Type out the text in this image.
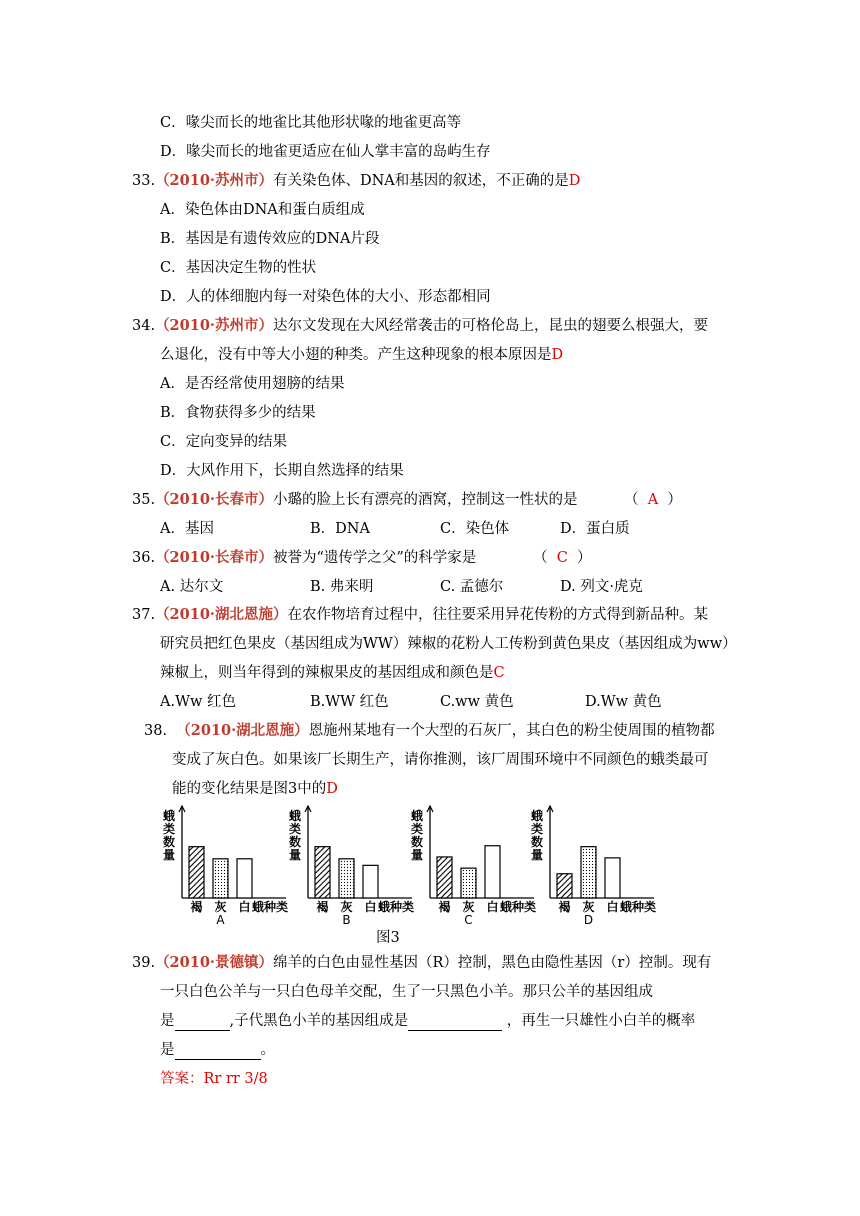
C．喙尖而长的地雀比其他形状喙的地雀更高等
D．喙尖而长的地雀更适应在仙人掌丰富的岛屿生存
33.（2010·苏州市）有关染色体、DNA和基因的叙述，不正确的是D
A．染色体由DNA和蛋白质组成
B．基因是有遗传效应的DNA片段
C．基因决定生物的性状
D．人的体细胞内每一对染色体的大小、形态都相同
34.（2010·苏州市）达尔文发现在大风经常袭击的可格伦岛上，昆虫的翅要么根强大，要
么退化，没有中等大小翅的种类。产生这种现象的根本原因是D
A．是否经常使用翅膀的结果
B．食物获得多少的结果
C．定向变异的结果
D．大风作用下，长期自然选择的结果
35.（2010·长春市）小璐的脸上长有漂亮的酒窝，控制这一性状的是	（ A ）
A．基因	B．DNA	C．染色体	D．蛋白质
36.（2010·长春市）被誉为“遗传学之父”的科学家是	（ C ）
A. 达尔文	B. 弗来明	C. 孟德尔	D. 列文·虎克
37.（2010·湖北恩施）在农作物培育过程中，往往要采用异花传粉的方式得到新品种。某
研究员把红色果皮（基因组成为WW）辣椒的花粉人工传粉到黄色果皮（基因组成为ww）
辣椒上，则当年得到的辣椒果皮的基因组成和颜色是C
A.Ww 红色	B.WW 红色	C.ww 黄色	D.Ww 黄色
38. （2010·湖北恩施）恩施州某地有一个大型的石灰厂，其白色的粉尘使周围的植物都
变成了灰白色。如果该厂长期生产，请你推测，该厂周围环境中不同颜色的蛾类最可
能的变化结果是图3中的D
蛾类数量
褐 灰 白 蛾种类
A
蛾类数量
褐 灰 白 蛾种类
B
蛾类数量
褐 灰 白 蛾种类
C
蛾类数量
褐 灰 白 蛾种类
D
图3
39.（2010·景德镇）绵羊的白色由显性基因（R）控制，黑色由隐性基因（r）控制。现有
一只白色公羊与一只白色母羊交配，生了一只黑色小羊。那只公羊的基因组成
是	,子代黑色小羊的基因组成是	，再生一只雄性小白羊的概率
是	。
答案：Rr rr 3/8
